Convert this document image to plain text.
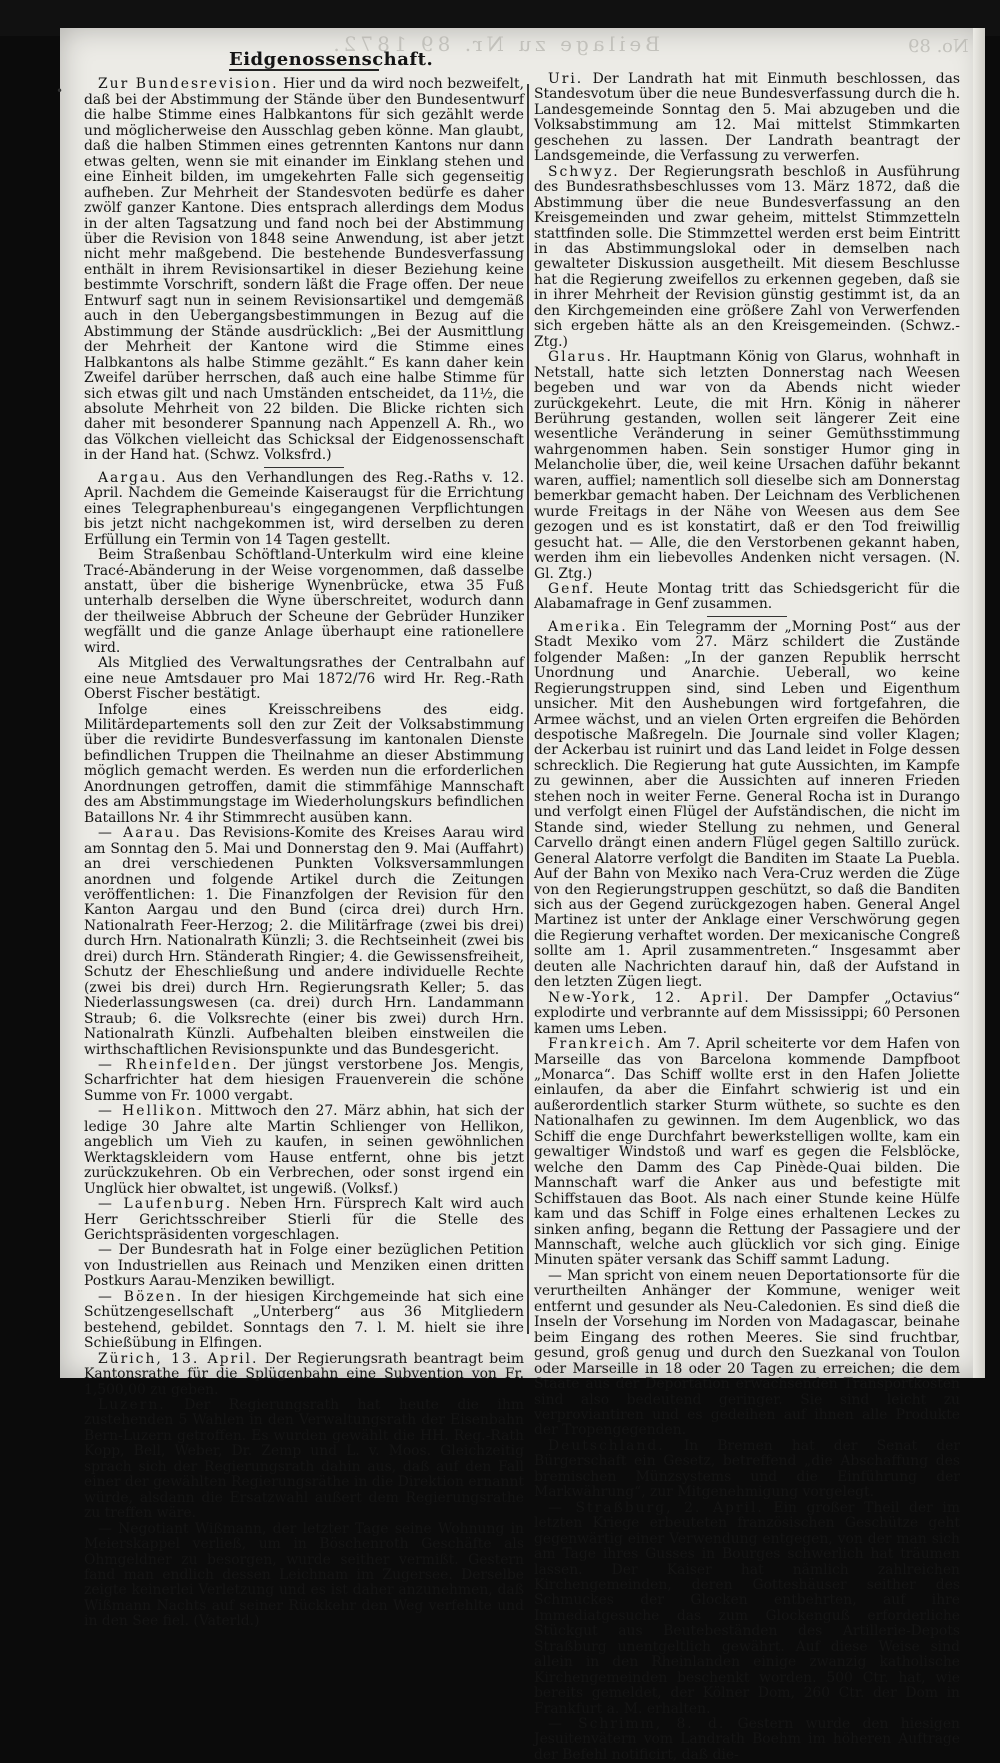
Beilage zu Nr. 89 1872.	No. 89
Eidgenossenschaft.

Zur Bundesrevision. Hier und da wird noch bezweifelt, daß bei der Abstimmung der Stände über den Bundesentwurf die halbe Stimme eines Halbkantons für sich gezählt werde und möglicherweise den Ausschlag geben könne. Man glaubt, daß die halben Stimmen eines getrennten Kantons nur dann etwas gelten, wenn sie mit einander im Einklang stehen und eine Einheit bilden, im umgekehrten Falle sich gegenseitig aufheben. Zur Mehrheit der Standesvoten bedürfe es daher zwölf ganzer Kantone. Dies entsprach allerdings dem Modus in der alten Tagsatzung und fand noch bei der Abstimmung über die Revision von 1848 seine Anwendung, ist aber jetzt nicht mehr maßgebend. Die bestehende Bundesverfassung enthält in ihrem Revisionsartikel in dieser Beziehung keine bestimmte Vorschrift, sondern läßt die Frage offen. Der neue Entwurf sagt nun in seinem Revisionsartikel und demgemäß auch in den Uebergangsbestimmungen in Bezug auf die Abstimmung der Stände ausdrücklich: „Bei der Ausmittlung der Mehrheit der Kantone wird die Stimme eines Halbkantons als halbe Stimme gezählt.“ Es kann daher kein Zweifel darüber herrschen, daß auch eine halbe Stimme für sich etwas gilt und nach Umständen entscheidet, da 11½, die absolute Mehrheit von 22 bilden. Die Blicke richten sich daher mit besonderer Spannung nach Appenzell A. Rh., wo das Völkchen vielleicht das Schicksal der Eidgenossenschaft in der Hand hat. (Schwz. Volksfrd.)

Aargau. Aus den Verhandlungen des Reg.-Raths v. 12. April. Nachdem die Gemeinde Kaiseraugst für die Errichtung eines Telegraphenbureau's eingegangenen Verpflichtungen bis jetzt nicht nachgekommen ist, wird derselben zu deren Erfüllung ein Termin von 14 Tagen gestellt.

Beim Straßenbau Schöftland-Unterkulm wird eine kleine Tracé-Abänderung in der Weise vorgenommen, daß dasselbe anstatt, über die bisherige Wynenbrücke, etwa 35 Fuß unterhalb derselben die Wyne überschreitet, wodurch dann der theilweise Abbruch der Scheune der Gebrüder Hunziker wegfällt und die ganze Anlage überhaupt eine rationellere wird.

Als Mitglied des Verwaltungsrathes der Centralbahn auf eine neue Amtsdauer pro Mai 1872/76 wird Hr. Reg.-Rath Oberst Fischer bestätigt.

Infolge eines Kreisschreibens des eidg. Militärdepartements soll den zur Zeit der Volksabstimmung über die revidirte Bundesverfassung im kantonalen Dienste befindlichen Truppen die Theilnahme an dieser Abstimmung möglich gemacht werden. Es werden nun die erforderlichen Anordnungen getroffen, damit die stimmfähige Mannschaft des am Abstimmungstage im Wiederholungskurs befindlichen Bataillons Nr. 4 ihr Stimmrecht ausüben kann.

— Aarau. Das Revisions-Komite des Kreises Aarau wird am Sonntag den 5. Mai und Donnerstag den 9. Mai (Auffahrt) an drei verschiedenen Punkten Volksversammlungen anordnen und folgende Artikel durch die Zeitungen veröffentlichen: 1. Die Finanzfolgen der Revision für den Kanton Aargau und den Bund (circa drei) durch Hrn. Nationalrath Feer-Herzog; 2. die Militärfrage (zwei bis drei) durch Hrn. Nationalrath Künzli; 3. die Rechtseinheit (zwei bis drei) durch Hrn. Ständerath Ringier; 4. die Gewissensfreiheit, Schutz der Eheschließung und andere individuelle Rechte (zwei bis drei) durch Hrn. Regierungsrath Keller; 5. das Niederlassungswesen (ca. drei) durch Hrn. Landammann Straub; 6. die Volksrechte (einer bis zwei) durch Hrn. Nationalrath Künzli. Aufbehalten bleiben einstweilen die wirthschaftlichen Revisionspunkte und das Bundesgericht.

— Rheinfelden. Der jüngst verstorbene Jos. Mengis, Scharfrichter hat dem hiesigen Frauenverein die schöne Summe von Fr. 1000 vergabt.

— Hellikon. Mittwoch den 27. März abhin, hat sich der ledige 30 Jahre alte Martin Schlienger von Hellikon, angeblich um Vieh zu kaufen, in seinen gewöhnlichen Werktagskleidern vom Hause entfernt, ohne bis jetzt zurückzukehren. Ob ein Verbrechen, oder sonst irgend ein Unglück hier obwaltet, ist ungewiß. (Volksf.)

— Laufenburg. Neben Hrn. Fürsprech Kalt wird auch Herr Gerichtsschreiber Stierli für die Stelle des Gerichtspräsidenten vorgeschlagen.

— Der Bundesrath hat in Folge einer bezüglichen Petition von Industriellen aus Reinach und Menziken einen dritten Postkurs Aarau-Menziken bewilligt.

— Bözen. In der hiesigen Kirchgemeinde hat sich eine Schützengesellschaft „Unterberg“ aus 36 Mitgliedern bestehend, gebildet. Sonntags den 7. l. M. hielt sie ihre Schießübung in Elfingen.

Zürich, 13. April. Der Regierungsrath beantragt beim Kantonsrathe für die Splügenbahn eine Subvention von Fr. 1,500,00 zu geben.

Luzern. Der Regierungsrath hat heute die ihm zustehenden 5 Wahlen in den Verwaltungsrath der Eisenbahn Bern-Luzern getroffen. Es wurden gewählt die HH. Reg.-Rath Kopp, Bell, Weber, Dr. Zemp und L. v. Moos. Gleichzeitig sprach sich der Regierungsrath dahin aus, daß auf den Fall einer der gewählten Regierungsräthe in die Direktion ernannt würde, alsdann die Ersatzwahl außert dem Regierungsrathe zu treffen wäre.

— Negotiant Wißmann, der letzter Tage seine Wohnung in Meierskappel verließ, um in Böschenroth Geschäfte als Ohmgeldner zu besorgen, wurde seither vermißt. Gestern fand man endlich dessen Leichnam im Zugersee. Derselbe zeigte keinerlei Verletzung und es ist daher anzunehmen, daß Wißmann Nachts auf seiner Rückkehr den Weg verfehlte und in den See fiel. (Vaterld.)

•

Uri. Der Landrath hat mit Einmuth beschlossen, das Standesvotum über die neue Bundesverfassung durch die h. Landesgemeinde Sonntag den 5. Mai abzugeben und die Volksabstimmung am 12. Mai mittelst Stimmkarten geschehen zu lassen. Der Landrath beantragt der Landsgemeinde, die Verfassung zu verwerfen.

Schwyz. Der Regierungsrath beschloß in Ausführung des Bundesrathsbeschlusses vom 13. März 1872, daß die Abstimmung über die neue Bundesverfassung an den Kreisgemeinden und zwar geheim, mittelst Stimmzetteln stattfinden solle. Die Stimmzettel werden erst beim Eintritt in das Abstimmungslokal oder in demselben nach gewalteter Diskussion ausgetheilt. Mit diesem Beschlusse hat die Regierung zweifellos zu erkennen gegeben, daß sie in ihrer Mehrheit der Revision günstig gestimmt ist, da an den Kirchgemeinden eine größere Zahl von Verwerfenden sich ergeben hätte als an den Kreisgemeinden. (Schwz.-Ztg.)

Glarus. Hr. Hauptmann König von Glarus, wohnhaft in Netstall, hatte sich letzten Donnerstag nach Weesen begeben und war von da Abends nicht wieder zurückgekehrt. Leute, die mit Hrn. König in näherer Berührung gestanden, wollen seit längerer Zeit eine wesentliche Veränderung in seiner Gemüthsstimmung wahrgenommen haben. Sein sonstiger Humor ging in Melancholie über, die, weil keine Ursachen daführ bekannt waren, auffiel; namentlich soll dieselbe sich am Donnerstag bemerkbar gemacht haben. Der Leichnam des Verblichenen wurde Freitags in der Nähe von Weesen aus dem See gezogen und es ist konstatirt, daß er den Tod freiwillig gesucht hat. — Alle, die den Verstorbenen gekannt haben, werden ihm ein liebevolles Andenken nicht versagen. (N. Gl. Ztg.)

Genf. Heute Montag tritt das Schiedsgericht für die Alabamafrage in Genf zusammen.

Amerika. Ein Telegramm der „Morning Post“ aus der Stadt Mexiko vom 27. März schildert die Zustände folgender Maßen: „In der ganzen Republik herrscht Unordnung und Anarchie. Ueberall, wo keine Regierungstruppen sind, sind Leben und Eigenthum unsicher. Mit den Aushebungen wird fortgefahren, die Armee wächst, und an vielen Orten ergreifen die Behörden despotische Maßregeln. Die Journale sind voller Klagen; der Ackerbau ist ruinirt und das Land leidet in Folge dessen schrecklich. Die Regierung hat gute Aussichten, im Kampfe zu gewinnen, aber die Aussichten auf inneren Frieden stehen noch in weiter Ferne. General Rocha ist in Durango und verfolgt einen Flügel der Aufständischen, die nicht im Stande sind, wieder Stellung zu nehmen, und General Carvello drängt einen andern Flügel gegen Saltillo zurück. General Alatorre verfolgt die Banditen im Staate La Puebla. Auf der Bahn von Mexiko nach Vera-Cruz werden die Züge von den Regierungstruppen geschützt, so daß die Banditen sich aus der Gegend zurückgezogen haben. General Angel Martinez ist unter der Anklage einer Verschwörung gegen die Regierung verhaftet worden. Der mexicanische Congreß sollte am 1. April zusammentreten.“ Insgesammt aber deuten alle Nachrichten darauf hin, daß der Aufstand in den letzten Zügen liegt.

New-York, 12. April. Der Dampfer „Octavius“ explodirte und verbrannte auf dem Mississippi; 60 Personen kamen ums Leben.

Frankreich. Am 7. April scheiterte vor dem Hafen von Marseille das von Barcelona kommende Dampfboot „Monarca“. Das Schiff wollte erst in den Hafen Joliette einlaufen, da aber die Einfahrt schwierig ist und ein außerordentlich starker Sturm wüthete, so suchte es den Nationalhafen zu gewinnen. Im dem Augenblick, wo das Schiff die enge Durchfahrt bewerkstelligen wollte, kam ein gewaltiger Windstoß und warf es gegen die Felsblöcke, welche den Damm des Cap Pinède-Quai bilden. Die Mannschaft warf die Anker aus und befestigte mit Schiffstauen das Boot. Als nach einer Stunde keine Hülfe kam und das Schiff in Folge eines erhaltenen Leckes zu sinken anfing, begann die Rettung der Passagiere und der Mannschaft, welche auch glücklich vor sich ging. Einige Minuten später versank das Schiff sammt Ladung.

— Man spricht von einem neuen Deportationsorte für die verurtheilten Anhänger der Kommune, weniger weit entfernt und gesunder als Neu-Caledonien. Es sind dieß die Inseln der Vorsehung im Norden von Madagascar, beinahe beim Eingang des rothen Meeres. Sie sind fruchtbar, gesund, groß genug und durch den Suezkanal von Toulon oder Marseille in 18 oder 20 Tagen zu erreichen; die dem Staate aus der Deportation erwachsenden Transportkosten sind also bedeutend geringer. Sie sind leicht zu verproviantiren und es gedeihen auf ihnen alle Produkte der Tropengegenden.

Deutschland. In Bremen hat der Senat der Bürgerschaft ein Gesetz, betreffend „die Abschaffung des bremischen Münzsystems und die Einführung der Markwährung“, zur Mitgenehmigung vorgelegt.

— Straßburg, 2. April. Ein großer Theil der im letzten Kriege erbeuteten französischen Geschütze geht gegenwärtig einer Verwendung entgegen, von der man sich am Tage ihres Gusses in Bourges schwerlich hat träumen lassen. Der Kaiser hat nämlich zahlreichen Kirchengemeinden, deren Gotteshäuser seither des Schmuckes der Glocken entbehrten, auf ihre Immediatgesuche das zum Glockenguß erforderliche Stückgut aus Beutebeständen des Artillerie-Depots Straßburg unentgeltlich gewährt. Auf diese Weise sind allein in den Rheinlanden einige zwanzig katholische Kirchengemeinden beschenkt worden. 500 Ctr. hat, wie bereits gemeldet, der Kölner Dom, 260 Ctr. der Dom in Frankfurt a. M. erhalten.

— Schrimm, 8. d. Gestern wurde den hiesigen Jesuitenvätern vom Landrath Boehm im höheren Auftrage der Befehl notificirt, daß die-
